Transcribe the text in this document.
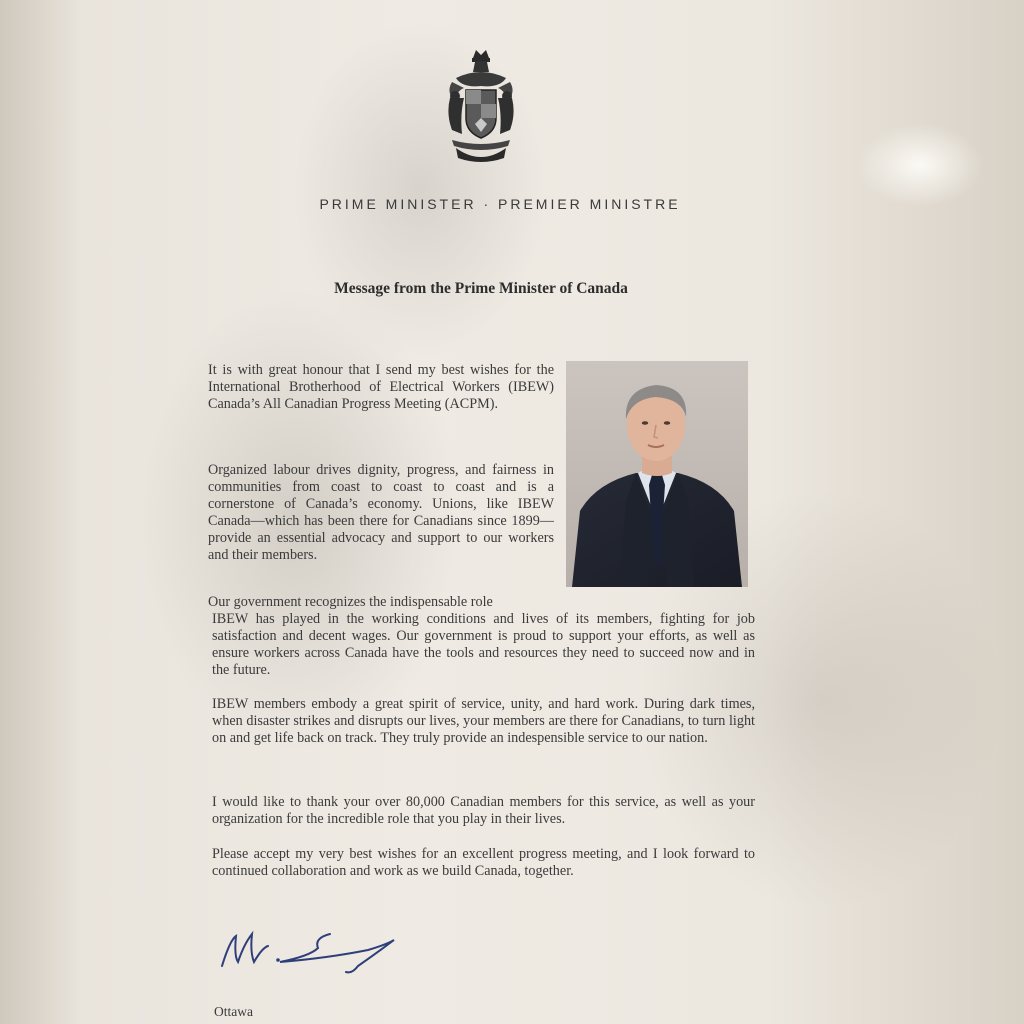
PRIME MINISTER · PREMIER MINISTRE
Message from the Prime Minister of Canada

It is with great honour that I send my best wishes for the International Brotherhood of Electrical Workers (IBEW) Canada’s All Canadian Progress Meeting (ACPM).

Organized labour drives dignity, progress, and fairness in communities from coast to coast to coast and is a cornerstone of Canada’s economy. Unions, like IBEW Canada—which has been there for Canadians since 1899—provide an essential advocacy and support to our workers and their members.

Our government recognizes the indispensable role

IBEW has played in the working conditions and lives of its members, fighting for job satisfaction and decent wages. Our government is proud to support your efforts, as well as ensure workers across Canada have the tools and resources they need to succeed now and in the future.

IBEW members embody a great spirit of service, unity, and hard work. During dark times, when disaster strikes and disrupts our lives, your members are there for Canadians, to turn light on and get life back on track. They truly provide an indespensible service to our nation.

I would like to thank your over 80,000 Canadian members for this service, as well as your organization for the incredible role that you play in their lives.

Please accept my very best wishes for an excellent progress meeting, and I look forward to continued collaboration and work as we build Canada, together.

Ottawa
